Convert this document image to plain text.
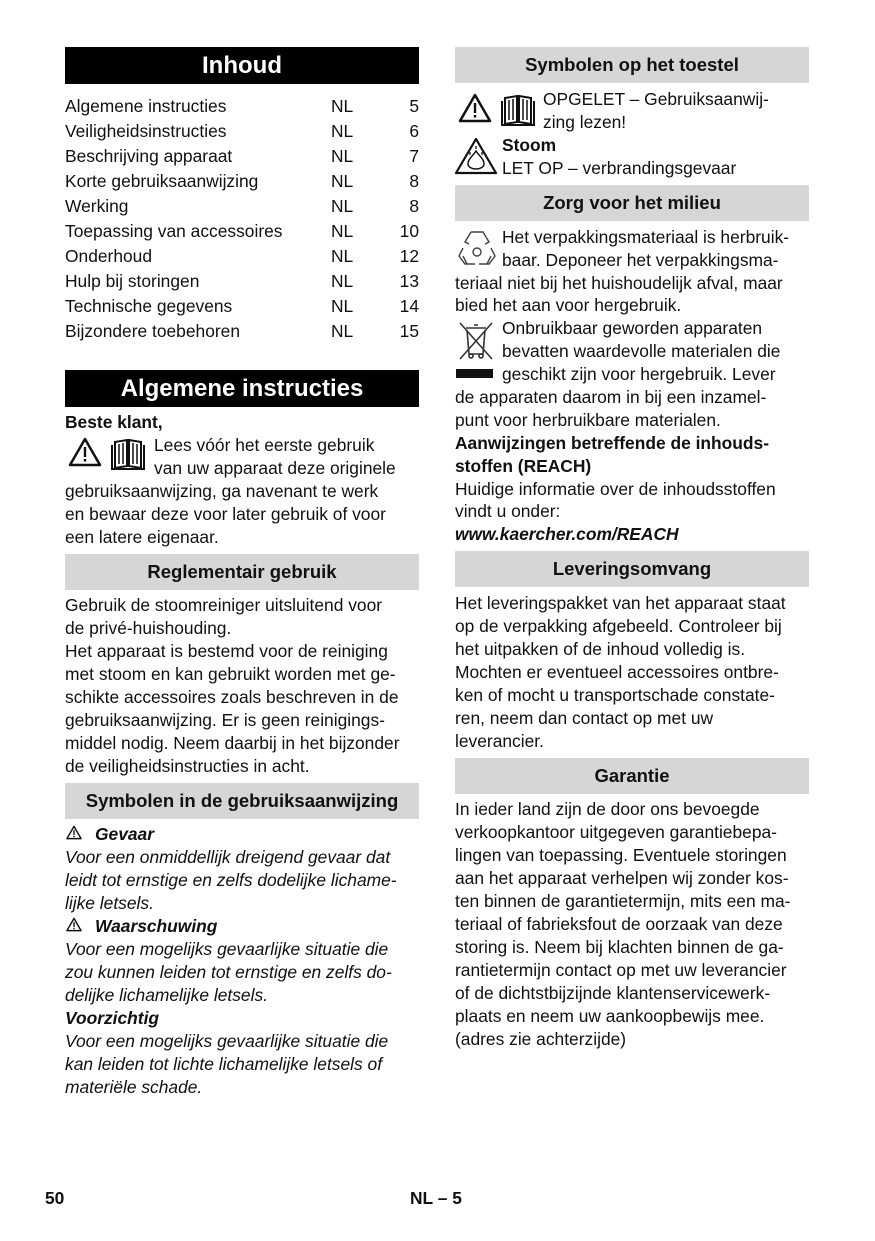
Inhoud
Algemene instructies	NL	5
Veiligheidsinstructies	NL	6
Beschrijving apparaat	NL	7
Korte gebruiksaanwijzing	NL	8
Werking	NL	8
Toepassing van accessoires	NL	10
Onderhoud	NL	12
Hulp bij storingen	NL	13
Technische gegevens	NL	14
Bijzondere toebehoren	NL	15
Algemene instructies
Beste klant,
Lees vóór het eerste gebruik
van uw apparaat deze originele
gebruiksaanwijzing, ga navenant te werk
en bewaar deze voor later gebruik of voor
een latere eigenaar.
Reglementair gebruik
Gebruik de stoomreiniger uitsluitend voor
de privé-huishouding.
Het apparaat is bestemd voor de reiniging
met stoom en kan gebruikt worden met ge-
schikte accessoires zoals beschreven in de
gebruiksaanwijzing. Er is geen reinigings-
middel nodig. Neem daarbij in het bijzonder
de veiligheidsinstructies in acht.
Symbolen in de gebruiksaanwijzing
Gevaar
Voor een onmiddellijk dreigend gevaar dat
leidt tot ernstige en zelfs dodelijke lichame-
lijke letsels.
Waarschuwing
Voor een mogelijks gevaarlijke situatie die
zou kunnen leiden tot ernstige en zelfs do-
delijke lichamelijke letsels.
Voorzichtig
Voor een mogelijks gevaarlijke situatie die
kan leiden tot lichte lichamelijke letsels of
materiële schade.
Symbolen op het toestel
OPGELET – Gebruiksaanwij-
zing lezen!
Stoom
LET OP – verbrandingsgevaar
Zorg voor het milieu
Het verpakkingsmateriaal is herbruik-
baar. Deponeer het verpakkingsma-
teriaal niet bij het huishoudelijk afval, maar
bied het aan voor hergebruik.
Onbruikbaar geworden apparaten
bevatten waardevolle materialen die
geschikt zijn voor hergebruik. Lever
de apparaten daarom in bij een inzamel-
punt voor herbruikbare materialen.
Aanwijzingen betreffende de inhouds-
stoffen (REACH)
Huidige informatie over de inhoudsstoffen
vindt u onder:
www.kaercher.com/REACH
Leveringsomvang
Het leveringspakket van het apparaat staat
op de verpakking afgebeeld. Controleer bij
het uitpakken of de inhoud volledig is.
Mochten er eventueel accessoires ontbre-
ken of mocht u transportschade constate-
ren, neem dan contact op met uw
leverancier.
Garantie
In ieder land zijn de door ons bevoegde
verkoopkantoor uitgegeven garantiebepa-
lingen van toepassing. Eventuele storingen
aan het apparaat verhelpen wij zonder kos-
ten binnen de garantietermijn, mits een ma-
teriaal of fabrieksfout de oorzaak van deze
storing is. Neem bij klachten binnen de ga-
rantietermijn contact op met uw leverancier
of de dichtstbijzijnde klantenservicewerk-
plaats en neem uw aankoopbewijs mee.
(adres zie achterzijde)
50	NL – 5
